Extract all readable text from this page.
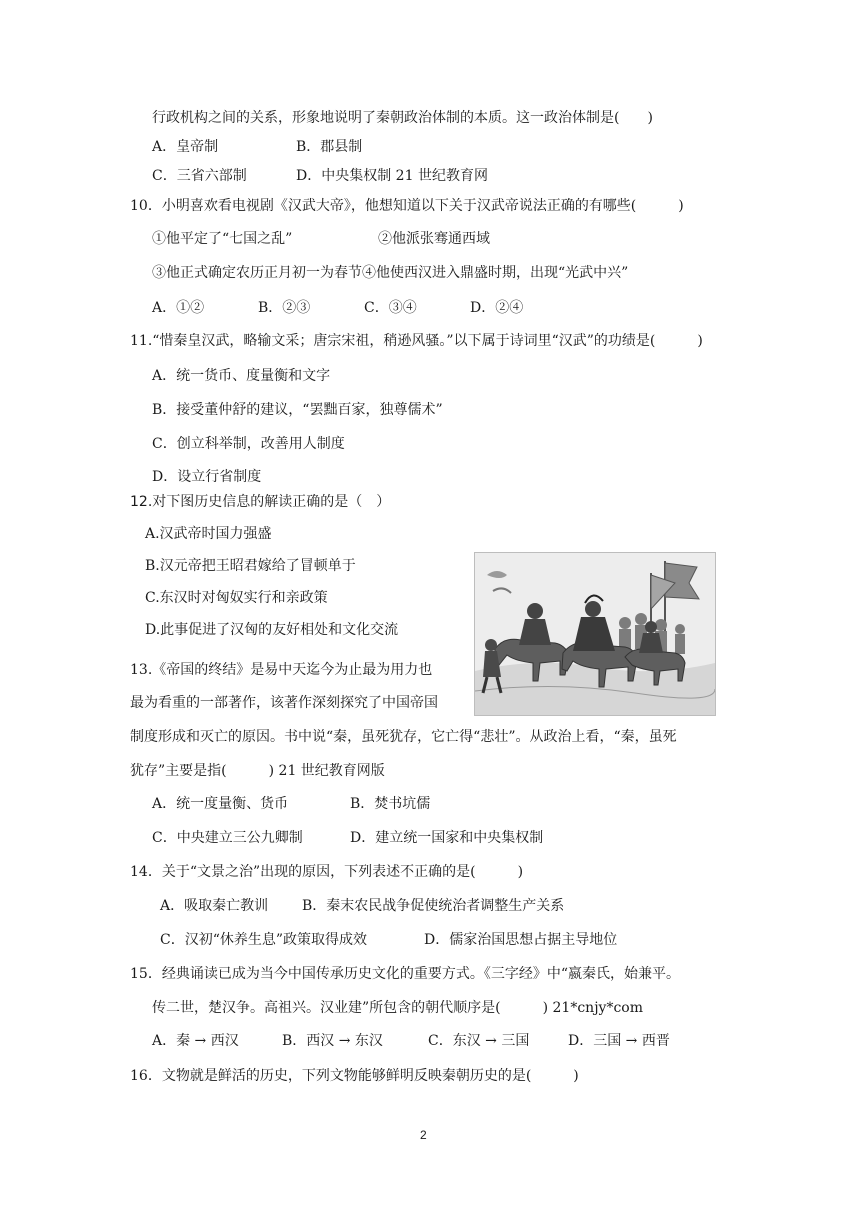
行政机构之间的关系，形象地说明了秦朝政治体制的本质。这一政治体制是(　　)
A．皇帝制	B．郡县制
C．三省六部制	D．中央集权制 21 世纪教育网
10．小明喜欢看电视剧《汉武大帝》，他想知道以下关于汉武帝说法正确的有哪些(　　　)
①他平定了“七国之乱”	②他派张骞通西域
③他正式确定农历正月初一为春节④他使西汉进入鼎盛时期，出现“光武中兴”
A．①②	B．②③	C．③④	D．②④
11.“惜秦皇汉武，略输文采；唐宗宋祖，稍逊风骚。”以下属于诗词里“汉武”的功绩是(　　　)
A．统一货币、度量衡和文字
B．接受董仲舒的建议，“罢黜百家，独尊儒术”
C．创立科举制，改善用人制度
D．设立行省制度
12.对下图历史信息的解读正确的是（　）
A.汉武帝时国力强盛
B.汉元帝把王昭君嫁给了冒顿单于
C.东汉时对匈奴实行和亲政策
D.此事促进了汉匈的友好相处和文化交流
13.《帝国的终结》是易中天迄今为止最为用力也
最为看重的一部著作，该著作深刻探究了中国帝国
制度形成和灭亡的原因。书中说“秦，虽死犹存，它亡得“悲壮”。从政治上看，“秦，虽死
犹存”主要是指(　　　) 21 世纪教育网版
A．统一度量衡、货币	B．焚书坑儒
C．中央建立三公九卿制	D．建立统一国家和中央集权制
14．关于“文景之治”出现的原因，下列表述不正确的是(　　　)
A．吸取秦亡教训 B．秦末农民战争促使统治者调整生产关系
C．汉初“休养生息”政策取得成效	D．儒家治国思想占据主导地位
15．经典诵读已成为当今中国传承历史文化的重要方式。《三字经》中“嬴秦氏，始兼平。
传二世，楚汉争。高祖兴。汉业建”所包含的朝代顺序是(　　　) 21*cnjy*com
A．秦 → 西汉	B．西汉 → 东汉	C．东汉 → 三国	D．三国 → 西晋
16．文物就是鲜活的历史，下列文物能够鲜明反映秦朝历史的是(　　　)
2
